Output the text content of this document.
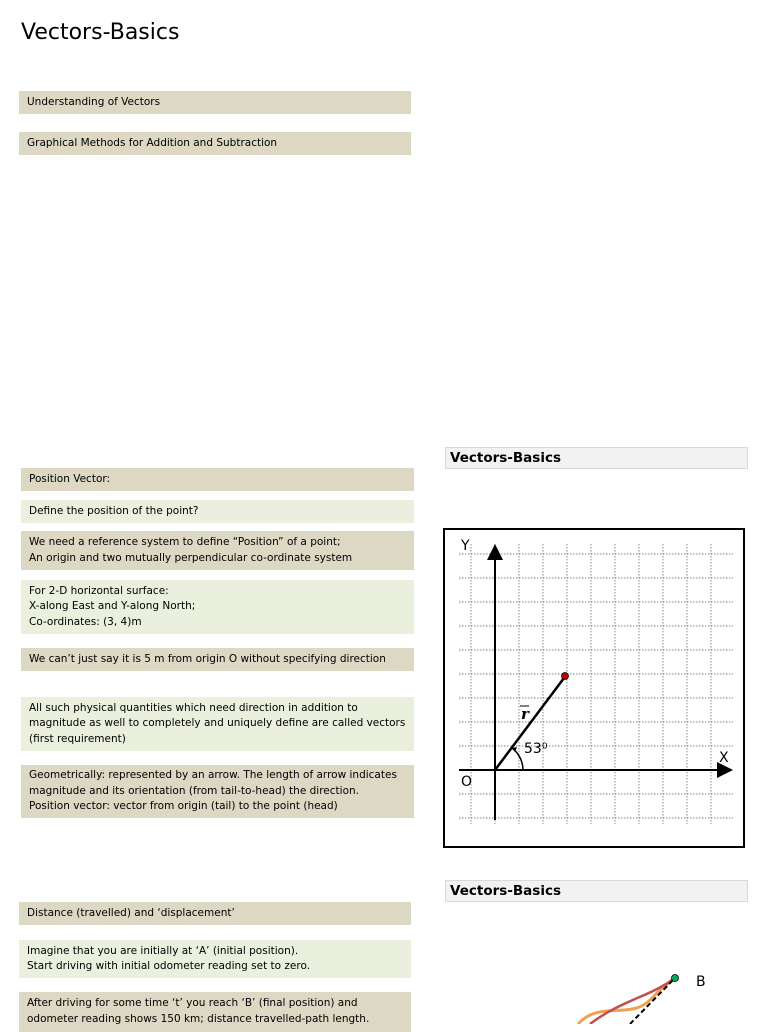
Vectors-Basics
Understanding of Vectors
Graphical Methods for Addition and Subtraction
Position Vector:
Define the position of the point?
We need a reference system to define “Position” of a point;
An origin and two mutually perpendicular co-ordinate system
For 2-D horizontal surface:
X-along East and Y-along North;
Co-ordinates: (3, 4)m
We can’t just say it is 5 m from origin O without specifying direction
All such physical quantities which need direction in addition to
magnitude as well to completely and uniquely define are called vectors
(first requirement)
Geometrically: represented by an arrow. The length of arrow indicates
magnitude and its orientation (from tail-to-head) the direction.
Position vector: vector from origin (tail) to the point (head)
Vectors-Basics
Y
X
O
r
53⁰
Distance (travelled) and ‘displacement’
Imagine that you are initially at ‘A’ (initial position).
Start driving with initial odometer reading set to zero.
After driving for some time ‘t’ you reach ‘B’ (final position) and
odometer reading shows 150 km; distance travelled-path length.
Vectors-Basics
B
